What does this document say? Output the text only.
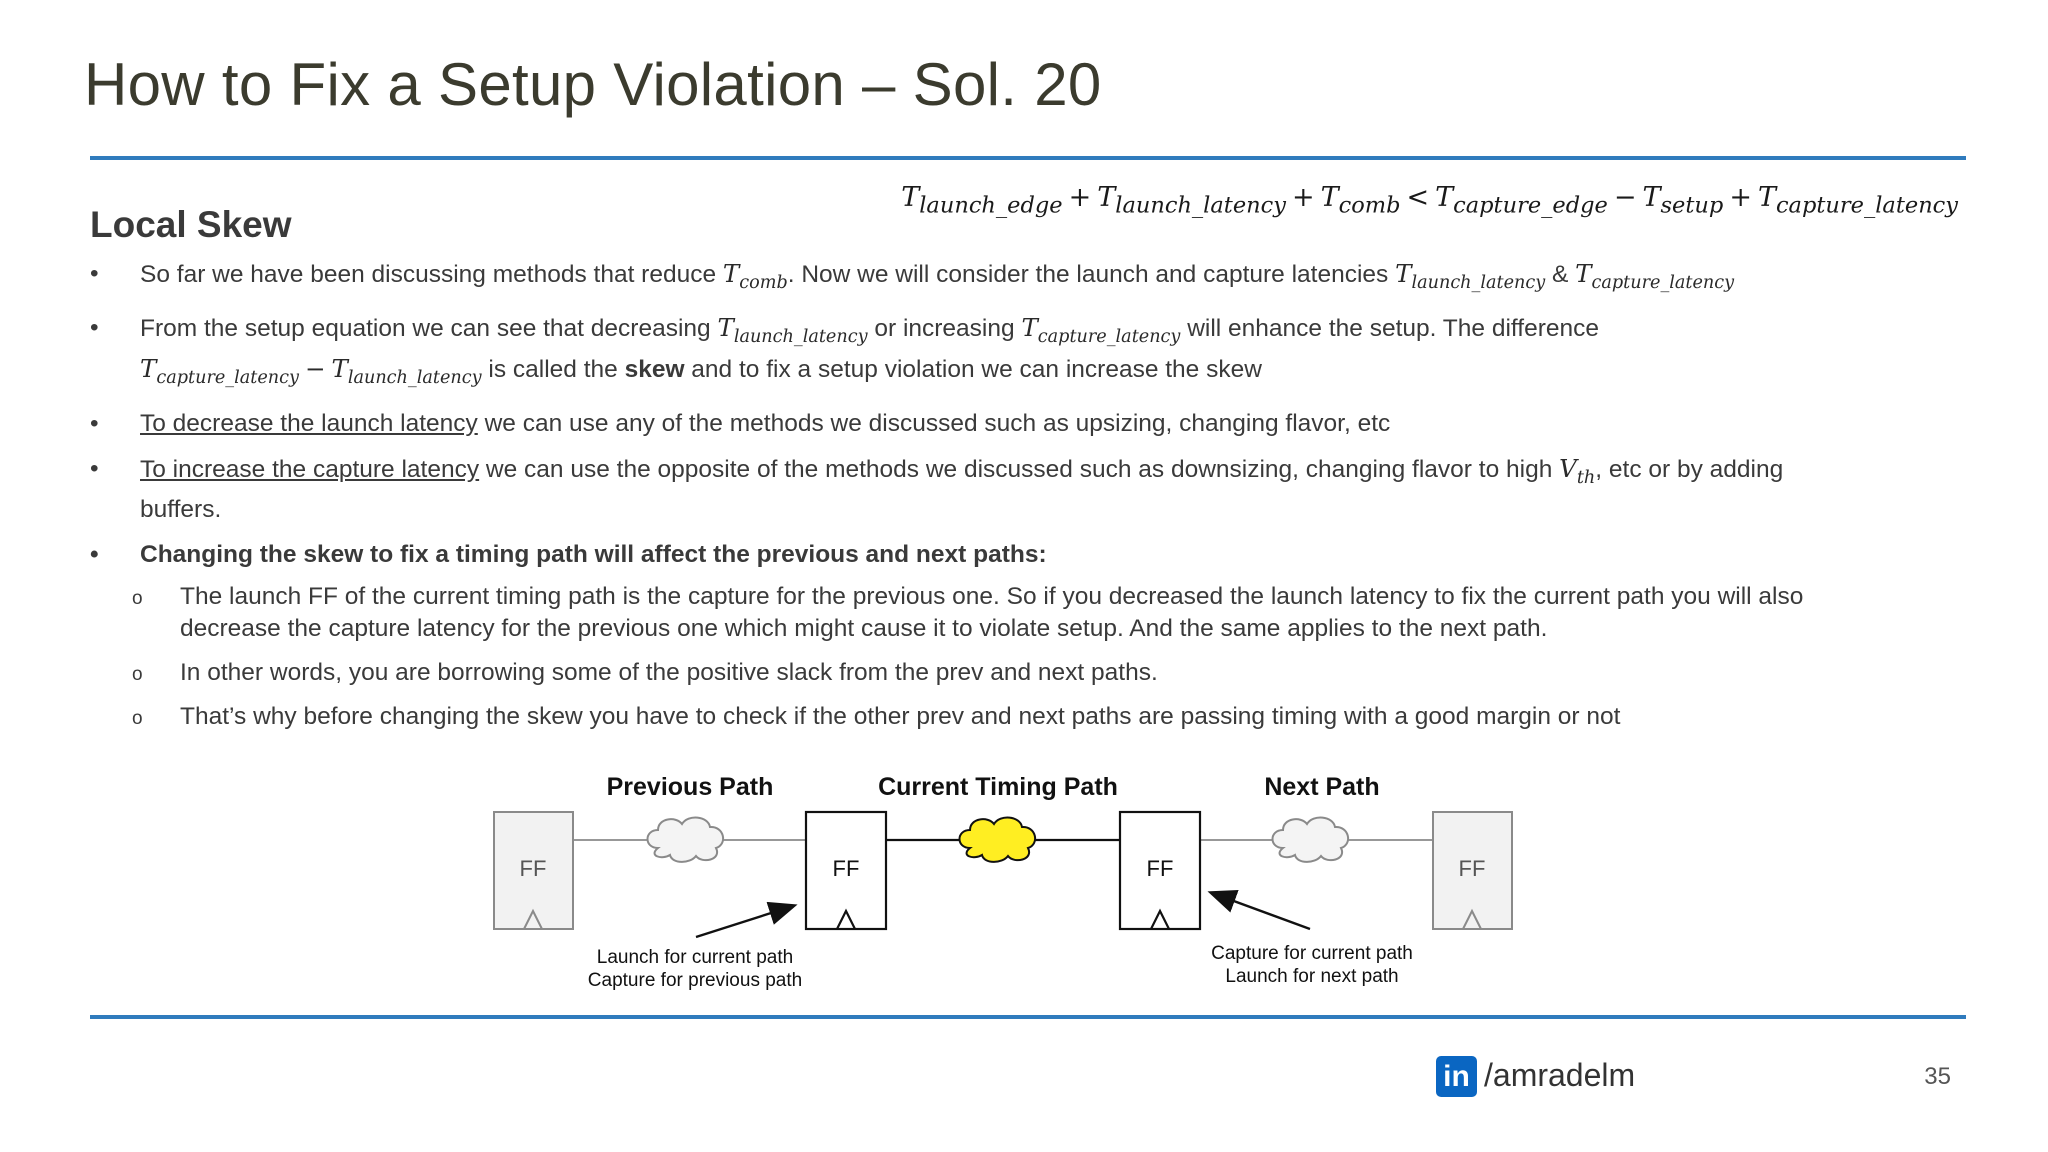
How to Fix a Setup Violation – Sol. 20
$T_{launch\_edge} + T_{launch\_latency} + T_{comb} < T_{capture\_edge} - T_{setup} + T_{capture\_latency}$
Local Skew
• So far we have been discussing methods that reduce $T_{comb}$. Now we will consider the launch and capture latencies $T_{launch\_latency}$ & $T_{capture\_latency}$
• From the setup equation we can see that decreasing $T_{launch\_latency}$ or increasing $T_{capture\_latency}$ will enhance the setup. The difference
$T_{capture\_latency} - T_{launch\_latency}$ is called the skew and to fix a setup violation we can increase the skew
• To decrease the launch latency we can use any of the methods we discussed such as upsizing, changing flavor, etc
• To increase the capture latency we can use the opposite of the methods we discussed such as downsizing, changing flavor to high $V_{th}$, etc or by adding buffers.
• Changing the skew to fix a timing path will affect the previous and next paths:
o The launch FF of the current timing path is the capture for the previous one. So if you decreased the launch latency to fix the current path you will also decrease the capture latency for the previous one which might cause it to violate setup. And the same applies to the next path.
o In other words, you are borrowing some of the positive slack from the prev and next paths.
o That’s why before changing the skew you have to check if the other prev and next paths are passing timing with a good margin or not
Previous Path	Current Timing Path	Next Path
FF	FF	FF	FF
Launch for current path
Capture for previous path
Capture for current path
Launch for next path
in /amradelm	35
